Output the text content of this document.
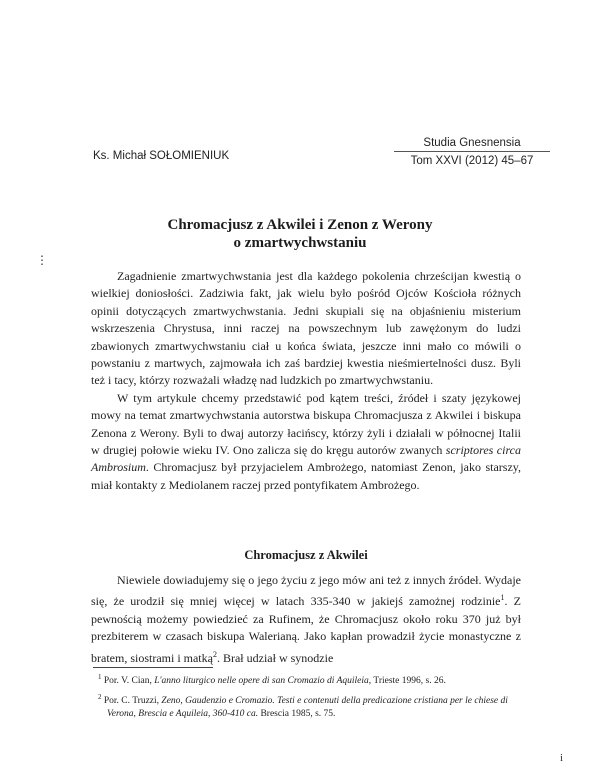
Ks. Michał SOŁOMIENIUK
Studia Gnesnensia
Tom XXVI (2012) 45–67
Chromacjusz z Akwilei i Zenon z Werony
o zmartwychwstaniu
⋮

Zagadnienie zmartwychwstania jest dla każdego pokolenia chrześcijan kwestią o wielkiej doniosłości. Zadziwia fakt, jak wielu było pośród Ojców Kościoła różnych opinii dotyczących zmartwychwstania. Jedni skupiali się na objaśnieniu misterium wskrzeszenia Chrystusa, inni raczej na powszechnym lub zawężonym do ludzi zbawionych zmartwychwstaniu ciał u końca świata, jeszcze inni mało co mówili o powstaniu z martwych, zajmowała ich zaś bardziej kwestia nieśmiertelności dusz. Byli też i tacy, którzy rozważali władzę nad ludzkich po zmartwychwstaniu.

W tym artykule chcemy przedstawić pod kątem treści, źródeł i szaty językowej mowy na temat zmartwychwstania autorstwa biskupa Chromacjusza z Akwilei i biskupa Zenona z Werony. Byli to dwaj autorzy łacińscy, którzy żyli i działali w północnej Italii w drugiej połowie wieku IV. Ono zalicza się do kręgu autorów zwanych scriptores circa Ambrosium. Chromacjusz był przyjacielem Ambrożego, natomiast Zenon, jako starszy, miał kontakty z Mediolanem raczej przed pontyfikatem Ambrożego.

Chromacjusz z Akwilei

Niewiele dowiadujemy się o jego życiu z jego mów ani też z innych źródeł. Wydaje się, że urodził się mniej więcej w latach 335-340 w jakiejś zamożnej rodzinie$^1$. Z pewnością możemy powiedzieć za Rufinem, że Chromacjusz około roku 370 już był prezbiterem w czasach biskupa Walerianą. Jako kapłan prowadził życie monastyczne z bratem, siostrami i matką$^2$. Brał udział w synodzie

$^1$ Por. V. Cian, L'anno liturgico nelle opere di san Cromazio di Aquileia, Trieste 1996, s. 26.
$^2$ Por. C. Truzzi, Zeno, Gaudenzio e Cromazio. Testi e contenuti della predicazione cristiana per le chiese di Verona, Brescia e Aquileia, 360-410 ca. Brescia 1985, s. 75.
i
